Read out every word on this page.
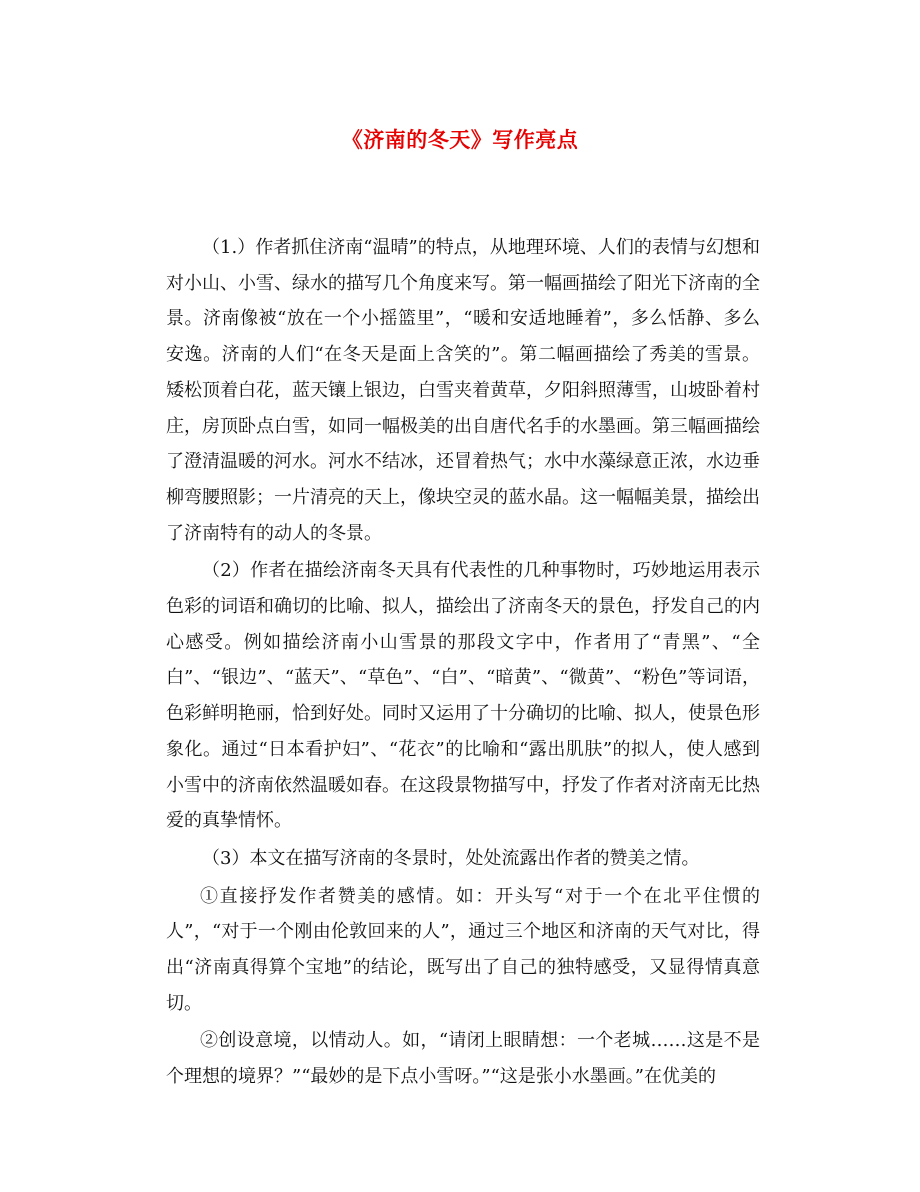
《济南的冬天》写作亮点

（1.）作者抓住济南“温晴”的特点，从地理环境、人们的表情与幻想和对小山、小雪、绿水的描写几个角度来写。第一幅画描绘了阳光下济南的全景。济南像被“放在一个小摇篮里”，“暖和安适地睡着”，多么恬静、多么安逸。济南的人们“在冬天是面上含笑的”。第二幅画描绘了秀美的雪景。矮松顶着白花，蓝天镶上银边，白雪夹着黄草，夕阳斜照薄雪，山坡卧着村庄，房顶卧点白雪，如同一幅极美的出自唐代名手的水墨画。第三幅画描绘了澄清温暖的河水。河水不结冰，还冒着热气；水中水藻绿意正浓，水边垂柳弯腰照影；一片清亮的天上，像块空灵的蓝水晶。这一幅幅美景，描绘出了济南特有的动人的冬景。

（2）作者在描绘济南冬天具有代表性的几种事物时，巧妙地运用表示色彩的词语和确切的比喻、拟人，描绘出了济南冬天的景色，抒发自己的内心感受。例如描绘济南小山雪景的那段文字中，作者用了“青黑”、“全白”、“银边”、“蓝天”、“草色”、“白”、“暗黄”、“微黄”、“粉色”等词语，色彩鲜明艳丽，恰到好处。同时又运用了十分确切的比喻、拟人，使景色形象化。通过“日本看护妇”、“花衣”的比喻和“露出肌肤”的拟人，使人感到小雪中的济南依然温暖如春。在这段景物描写中，抒发了作者对济南无比热爱的真挚情怀。

（3）本文在描写济南的冬景时，处处流露出作者的赞美之情。

①直接抒发作者赞美的感情。如：开头写“对于一个在北平住惯的人”，“对于一个刚由伦敦回来的人”，通过三个地区和济南的天气对比，得出“济南真得算个宝地”的结论，既写出了自己的独特感受，又显得情真意切。

②创设意境，以情动人。如，“请闭上眼睛想：一个老城……这是不是个理想的境界？”“最妙的是下点小雪呀。”“这是张小水墨画。”在优美的
